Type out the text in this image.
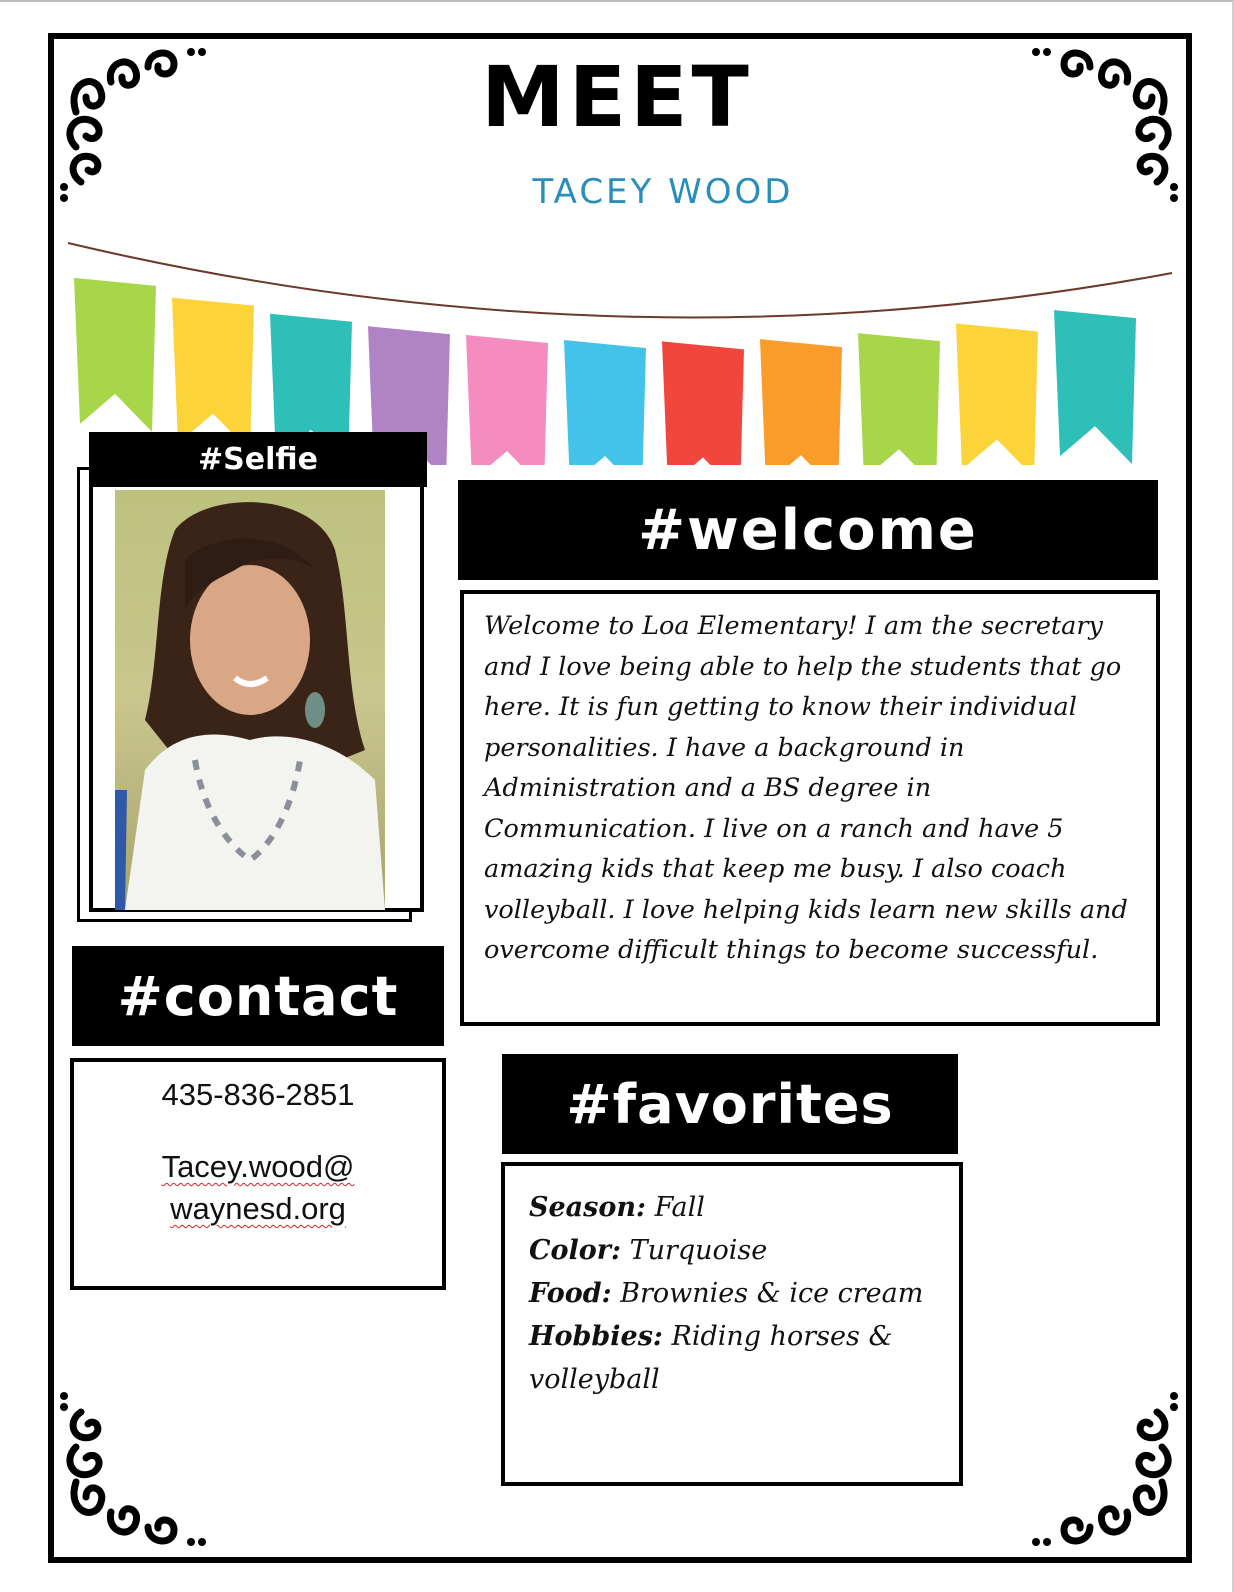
MEET
TACEY WOOD
#Selfie
#welcome
Welcome to Loa Elementary! I am the secretary and I love being able to help the students that go here. It is fun getting to know their individual personalities. I have a background in Administration and a BS degree in Communication. I live on a ranch and have 5 amazing kids that keep me busy. I also coach volleyball. I love helping kids learn new skills and overcome difficult things to become successful.
#contact
435-836-2851
Tacey.wood@
waynesd.org
#favorites
Season: Fall
Color: Turquoise
Food: Brownies & ice cream
Hobbies: Riding horses & volleyball
